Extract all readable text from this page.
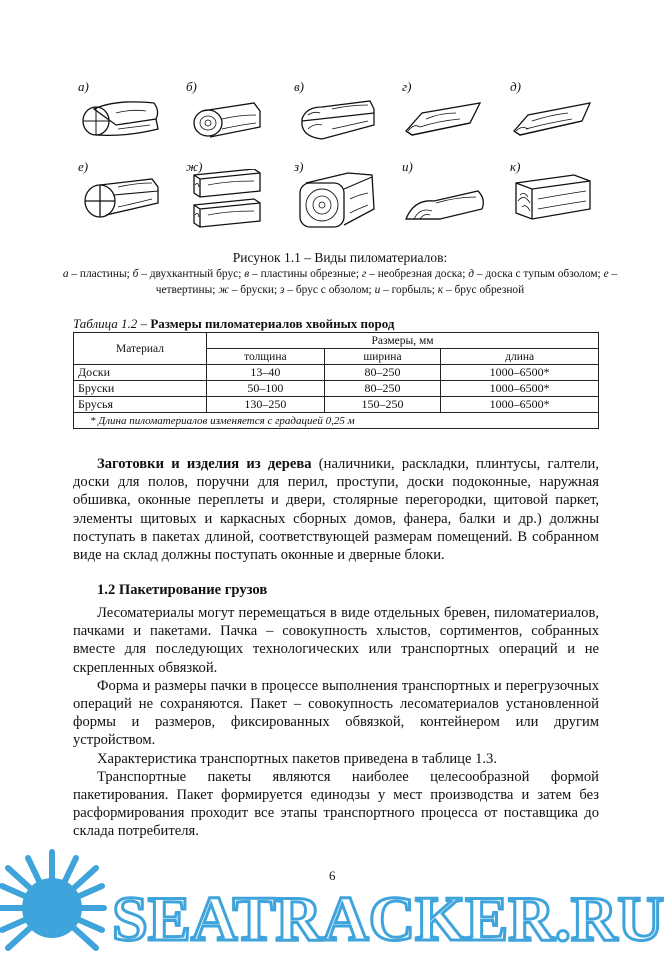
а)	б)	в)	г)	д)
е)	ж)	з)	и)	к)
Рисунок 1.1 – Виды пиломатериалов:
а – пластины; б – двухкантный брус; в – пластины обрезные; г – необрезная доска; д – доска с тупым обзолом; е – четвертины; ж – бруски; з – брус с обзолом; и – горбыль; к – брус обрезной
Таблица 1.2 – Размеры пиломатериалов хвойных пород
Материал	Размеры, мм		
	толщина	ширина	длина
Доски	13–40	80–250	1000–6500*
Бруски	50–100	80–250	1000–6500*
Брусья	130–250	150–250	1000–6500*
* Длина пиломатериалов изменяется с градацией 0,25 м			

Заготовки и изделия из дерева (наличники, раскладки, плинтусы, галтели, доски для полов, поручни для перил, проступи, доски подоконные, наружная обшивка, оконные переплеты и двери, столярные перегородки, щитовой паркет, элементы щитовых и каркасных сборных домов, фанера, балки и др.) должны поступать в пакетах длиной, соответствующей размерам помещений. В собранном виде на склад должны поступать оконные и дверные блоки.

1.2 Пакетирование грузов

Лесоматериалы могут перемещаться в виде отдельных бревен, пиломатериалов, пачками и пакетами. Пачка – совокупность хлыстов, сортиментов, собранных вместе для последующих технологических или транспортных операций и не скрепленных обвязкой.

Форма и размеры пачки в процессе выполнения транспортных и перегрузочных операций не сохраняются. Пакет – совокупность лесоматериалов установленной формы и размеров, фиксированных обвязкой, контейнером или другим устройством.

Характеристика транспортных пакетов приведена в таблице 1.3.

Транспортные пакеты являются наиболее целесообразной формой пакетирования. Пакет формируется единодзы у мест производства и затем без расформирования проходит все этапы транспортного процесса от поставщика до склада потребителя.

SEATRACKER.RU
6
